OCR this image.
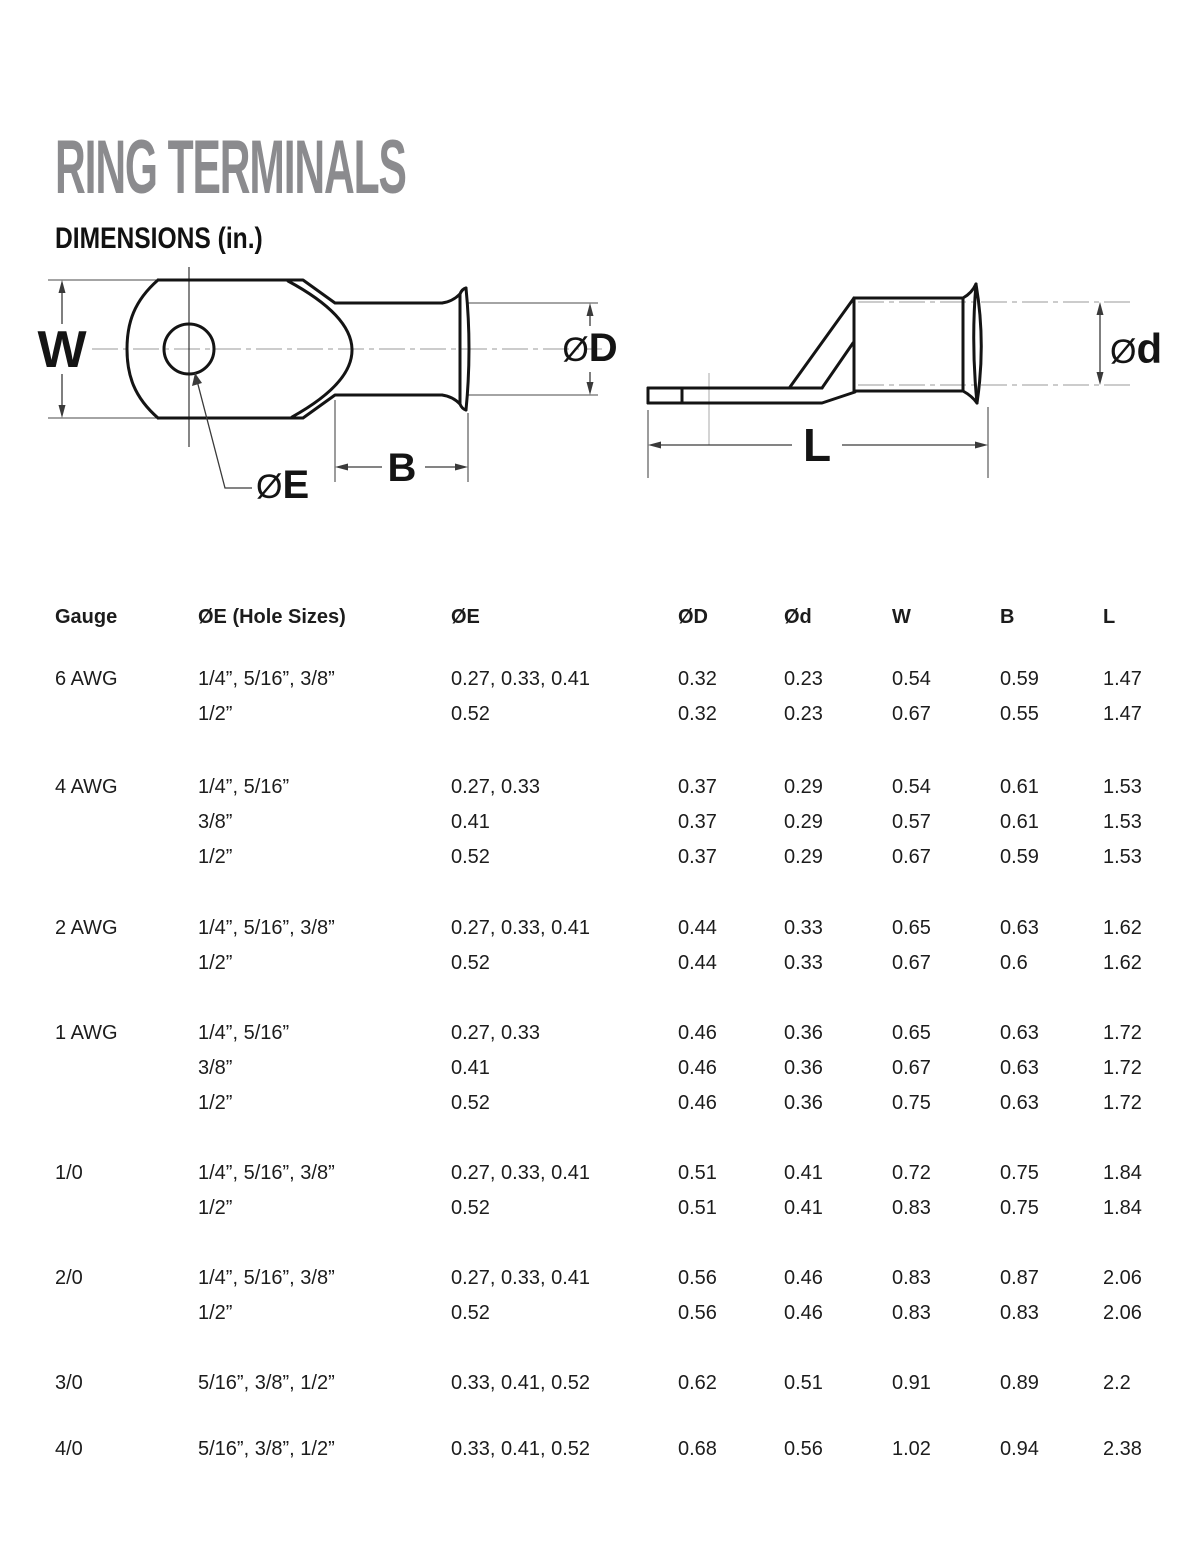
RING TERMINALS
DIMENSIONS (in.)
W	ØD
B
ØE
Ød
L
Gauge	ØE (Hole Sizes)	ØE	ØD	Ød	W	B	L
6 AWG	1/4”, 5/16”, 3/8”	0.27, 0.33, 0.41	0.32	0.23	0.54	0.59	1.47
1/2”	0.52	0.32	0.23	0.67	0.55	1.47
4 AWG	1/4”, 5/16”	0.27, 0.33	0.37	0.29	0.54	0.61	1.53
3/8”	0.41	0.37	0.29	0.57	0.61	1.53
1/2”	0.52	0.37	0.29	0.67	0.59	1.53
2 AWG	1/4”, 5/16”, 3/8”	0.27, 0.33, 0.41	0.44	0.33	0.65	0.63	1.62
1/2”	0.52	0.44	0.33	0.67	0.6	1.62
1 AWG	1/4”, 5/16”	0.27, 0.33	0.46	0.36	0.65	0.63	1.72
3/8”	0.41	0.46	0.36	0.67	0.63	1.72
1/2”	0.52	0.46	0.36	0.75	0.63	1.72
1/0	1/4”, 5/16”, 3/8”	0.27, 0.33, 0.41	0.51	0.41	0.72	0.75	1.84
1/2”	0.52	0.51	0.41	0.83	0.75	1.84
2/0	1/4”, 5/16”, 3/8”	0.27, 0.33, 0.41	0.56	0.46	0.83	0.87	2.06
1/2”	0.52	0.56	0.46	0.83	0.83	2.06
3/0	5/16”, 3/8”, 1/2”	0.33, 0.41, 0.52	0.62	0.51	0.91	0.89	2.2
4/0	5/16”, 3/8”, 1/2”	0.33, 0.41, 0.52	0.68	0.56	1.02	0.94	2.38
